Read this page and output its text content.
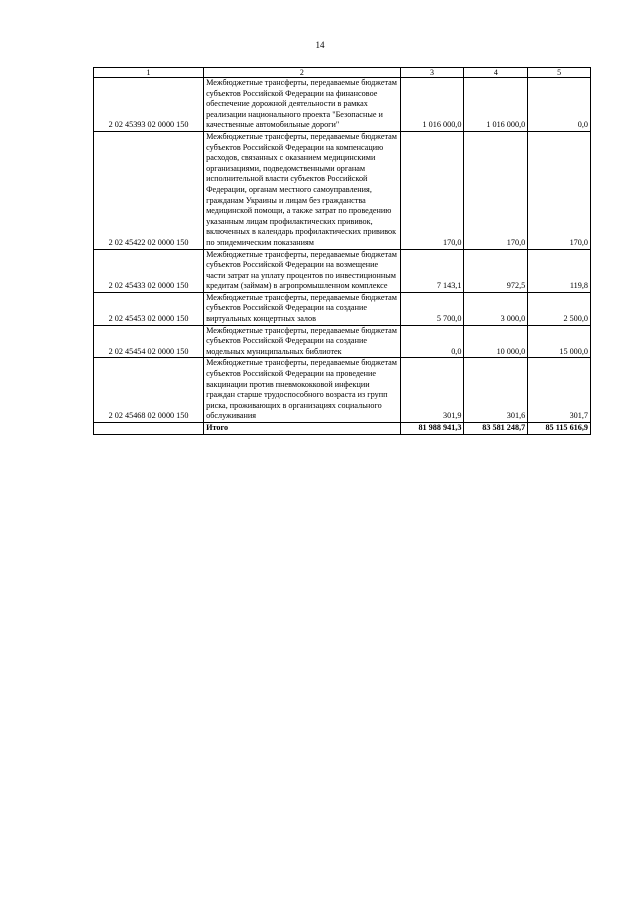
14
1	2	3	4	5
2 02 45393 02 0000 150	Межбюджетные трансферты, передаваемые бюджетам субъектов Российской Федерации на финансовое обеспечение дорожной деятельности в рамках реализации национального проекта "Безопасные и качественные автомобильные дороги"	1 016 000,0	1 016 000,0	0,0
2 02 45422 02 0000 150	Межбюджетные трансферты, передаваемые бюджетам субъектов Российской Федерации на компенсацию расходов, связанных с оказанием медицинскими организациями, подведомственными органам исполнительной власти субъектов Российской Федерации, органам местного самоуправления, гражданам Украины и лицам без гражданства медицинской помощи, а также затрат по проведению указанным лицам профилактических прививок, включенных в календарь профилактических прививок по эпидемическим показаниям	170,0	170,0	170,0
2 02 45433 02 0000 150	Межбюджетные трансферты, передаваемые бюджетам субъектов Российской Федерации на возмещение части затрат на уплату процентов по инвестиционным кредитам (займам) в агропромышленном комплексе	7 143,1	972,5	119,8
2 02 45453 02 0000 150	Межбюджетные трансферты, передаваемые бюджетам субъектов Российской Федерации на создание виртуальных концертных залов	5 700,0	3 000,0	2 500,0
2 02 45454 02 0000 150	Межбюджетные трансферты, передаваемые бюджетам субъектов Российской Федерации на создание модельных муниципальных библиотек	0,0	10 000,0	15 000,0
2 02 45468 02 0000 150	Межбюджетные трансферты, передаваемые бюджетам субъектов Российской Федерации на проведение вакцинации против пневмококковой инфекции граждан старше трудоспособного возраста из групп риска, проживающих в организациях социального обслуживания	301,9	301,6	301,7
	Итого	81 988 941,3	83 581 248,7	85 115 616,9
